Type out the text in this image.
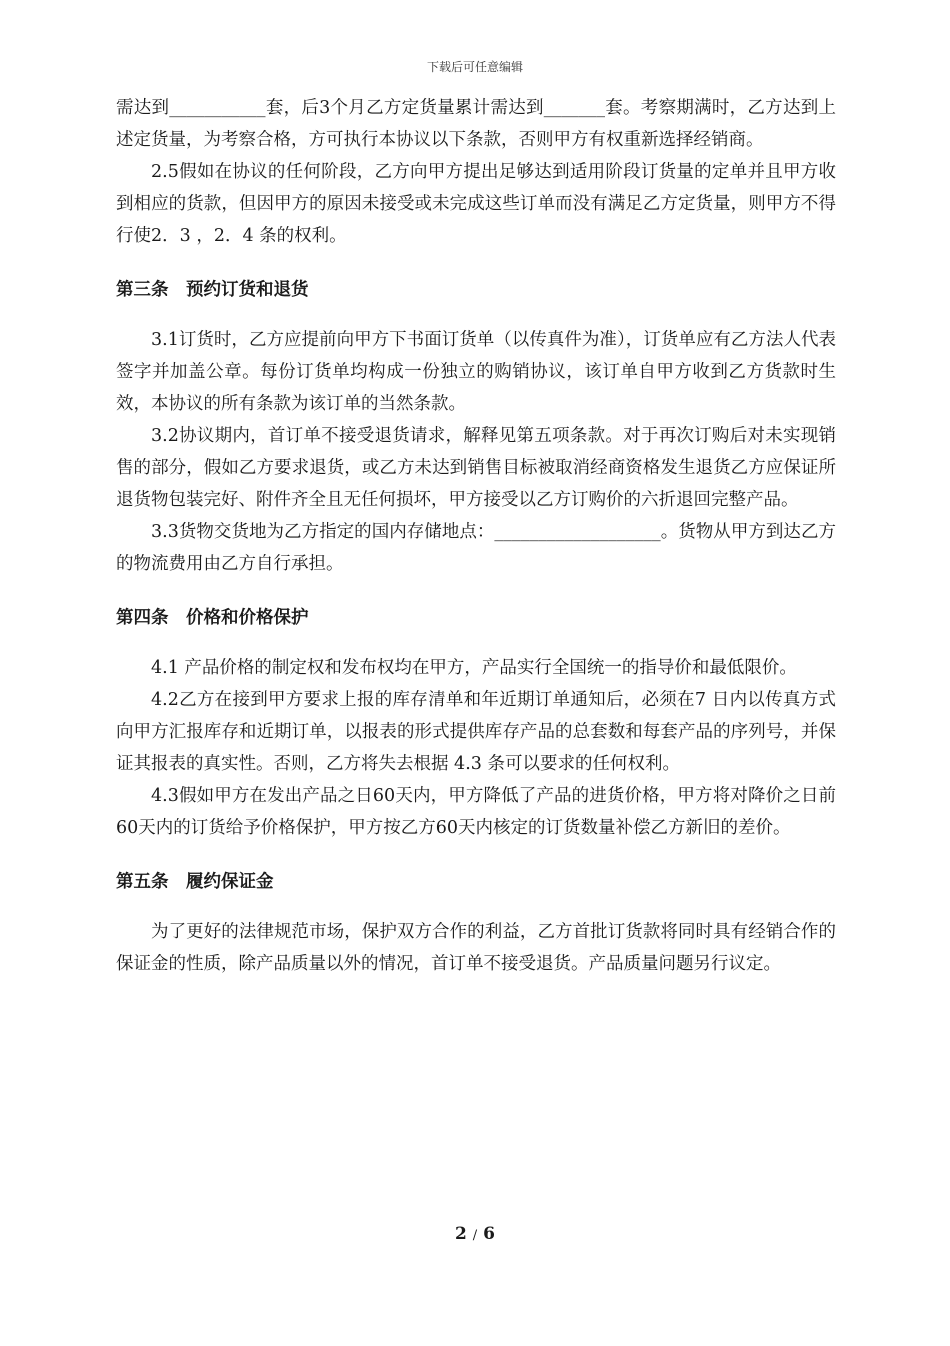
下载后可任意编辑

需达到___________套，后3个月乙方定货量累计需达到_______套。考察期满时，乙方达到上述定货量，为考察合格，方可执行本协议以下条款，否则甲方有权重新选择经销商。

2.5假如在协议的任何阶段，乙方向甲方提出足够达到适用阶段订货量的定单并且甲方收到相应的货款，但因甲方的原因未接受或未完成这些订单而没有满足乙方定货量，则甲方不得行使2．3 ，2．4 条的权利。

第三条　预约订货和退货

3.1订货时，乙方应提前向甲方下书面订货单（以传真件为准），订货单应有乙方法人代表签字并加盖公章。每份订货单均构成一份独立的购销协议，该订单自甲方收到乙方货款时生效，本协议的所有条款为该订单的当然条款。

3.2协议期内，首订单不接受退货请求，解释见第五项条款。对于再次订购后对未实现销售的部分，假如乙方要求退货，或乙方未达到销售目标被取消经商资格发生退货乙方应保证所退货物包装完好、附件齐全且无任何损坏，甲方接受以乙方订购价的六折退回完整产品。

3.3货物交货地为乙方指定的国内存储地点：___________________。货物从甲方到达乙方的物流费用由乙方自行承担。

第四条　价格和价格保护

4.1 产品价格的制定权和发布权均在甲方，产品实行全国统一的指导价和最低限价。

4.2乙方在接到甲方要求上报的库存清单和年近期订单通知后，必须在7 日内以传真方式向甲方汇报库存和近期订单，以报表的形式提供库存产品的总套数和每套产品的序列号，并保证其报表的真实性。否则，乙方将失去根据 4.3 条可以要求的任何权利。

4.3假如甲方在发出产品之日60天内，甲方降低了产品的进货价格，甲方将对降价之日前60天内的订货给予价格保护，甲方按乙方60天内核定的订货数量补偿乙方新旧的差价。

第五条　履约保证金

为了更好的法律规范市场，保护双方合作的利益，乙方首批订货款将同时具有经销合作的保证金的性质，除产品质量以外的情况，首订单不接受退货。产品质量问题另行议定。

2 / 6
